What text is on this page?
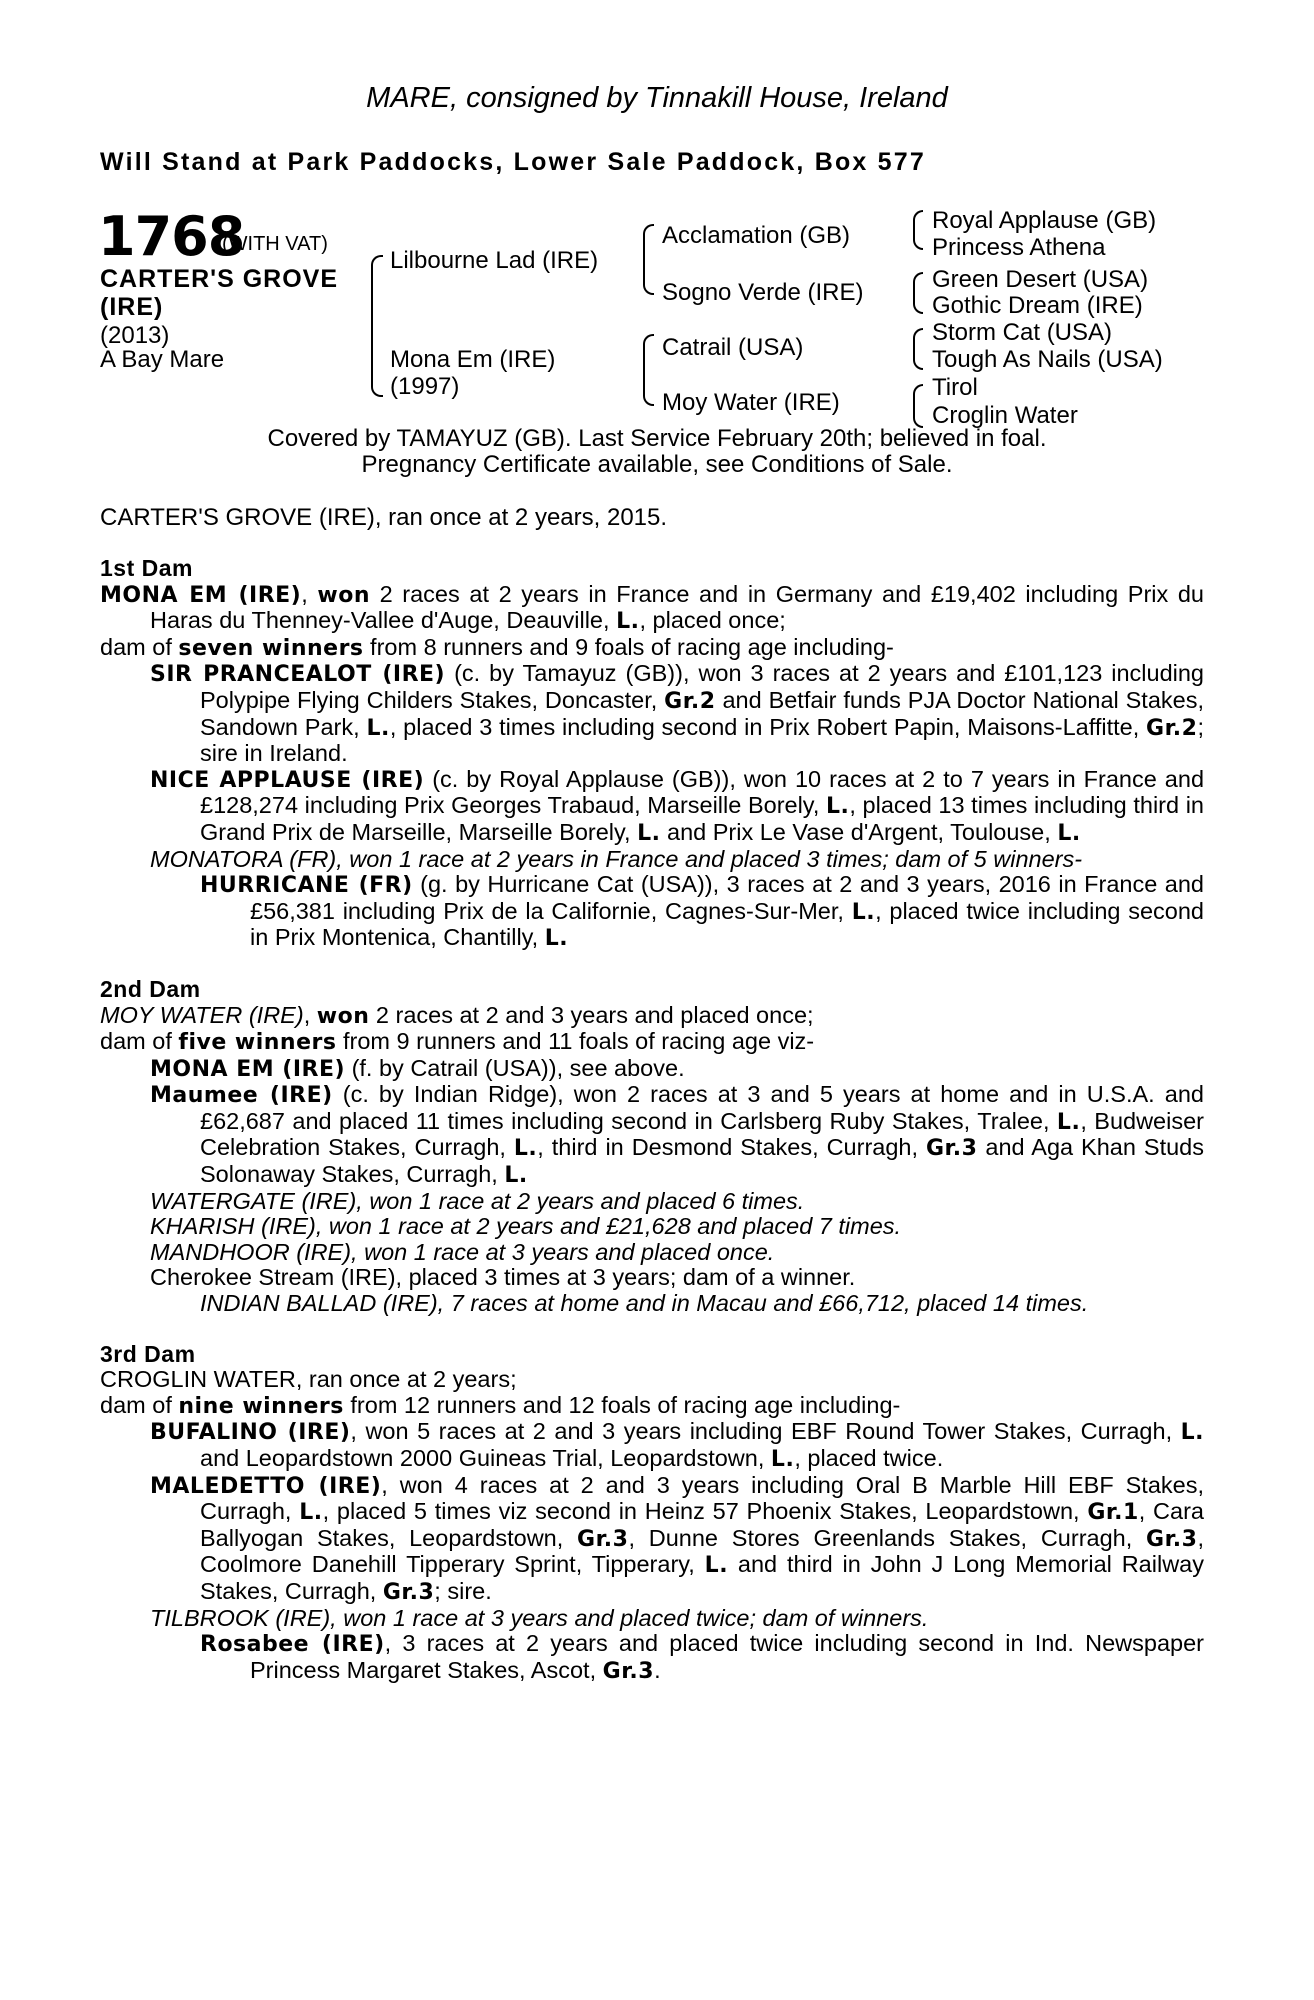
MARE, consigned by Tinnakill House, Ireland
Will Stand at Park Paddocks, Lower Sale Paddock, Box 577
1768
(WITH VAT)
CARTER'S GROVE
(IRE)
(2013)
A Bay Mare
Lilbourne Lad (IRE)
Mona Em (IRE)
(1997)
Acclamation (GB)
Sogno Verde (IRE)
Catrail (USA)
Moy Water (IRE)
Royal Applause (GB)
Princess Athena
Green Desert (USA)
Gothic Dream (IRE)
Storm Cat (USA)
Tough As Nails (USA)
Tirol
Croglin Water
Covered by TAMAYUZ (GB). Last Service February 20th; believed in foal.
Pregnancy Certificate available, see Conditions of Sale.
CARTER'S GROVE (IRE), ran once at 2 years, 2015.
1st Dam

MONA EM (IRE), won 2 races at 2 years in France and in Germany and £19,402 including Prix du Haras du Thenney-Vallee d'Auge, Deauville, L., placed once;

dam of seven winners from 8 runners and 9 foals of racing age including-

SIR PRANCEALOT (IRE) (c. by Tamayuz (GB)), won 3 races at 2 years and £101,123 including Polypipe Flying Childers Stakes, Doncaster, Gr.2 and Betfair funds PJA Doctor National Stakes, Sandown Park, L., placed 3 times including second in Prix Robert Papin, Maisons-Laffitte, Gr.2; sire in Ireland.

NICE APPLAUSE (IRE) (c. by Royal Applause (GB)), won 10 races at 2 to 7 years in France and £128,274 including Prix Georges Trabaud, Marseille Borely, L., placed 13 times including third in Grand Prix de Marseille, Marseille Borely, L. and Prix Le Vase d'Argent, Toulouse, L.

MONATORA (FR), won 1 race at 2 years in France and placed 3 times; dam of 5 winners-

HURRICANE (FR) (g. by Hurricane Cat (USA)), 3 races at 2 and 3 years, 2016 in France and £56,381 including Prix de la Californie, Cagnes-Sur-Mer, L., placed twice including second in Prix Montenica, Chantilly, L.

2nd Dam

MOY WATER (IRE), won 2 races at 2 and 3 years and placed once;

dam of five winners from 9 runners and 11 foals of racing age viz-

MONA EM (IRE) (f. by Catrail (USA)), see above.

Maumee (IRE) (c. by Indian Ridge), won 2 races at 3 and 5 years at home and in U.S.A. and £62,687 and placed 11 times including second in Carlsberg Ruby Stakes, Tralee, L., Budweiser Celebration Stakes, Curragh, L., third in Desmond Stakes, Curragh, Gr.3 and Aga Khan Studs Solonaway Stakes, Curragh, L.

WATERGATE (IRE), won 1 race at 2 years and placed 6 times.

KHARISH (IRE), won 1 race at 2 years and £21,628 and placed 7 times.

MANDHOOR (IRE), won 1 race at 3 years and placed once.

Cherokee Stream (IRE), placed 3 times at 3 years; dam of a winner.

INDIAN BALLAD (IRE), 7 races at home and in Macau and £66,712, placed 14 times.

3rd Dam

CROGLIN WATER, ran once at 2 years;

dam of nine winners from 12 runners and 12 foals of racing age including-

BUFALINO (IRE), won 5 races at 2 and 3 years including EBF Round Tower Stakes, Curragh, L. and Leopardstown 2000 Guineas Trial, Leopardstown, L., placed twice.

MALEDETTO (IRE), won 4 races at 2 and 3 years including Oral B Marble Hill EBF Stakes, Curragh, L., placed 5 times viz second in Heinz 57 Phoenix Stakes, Leopardstown, Gr.1, Cara Ballyogan Stakes, Leopardstown, Gr.3, Dunne Stores Greenlands Stakes, Curragh, Gr.3, Coolmore Danehill Tipperary Sprint, Tipperary, L. and third in John J Long Memorial Railway Stakes, Curragh, Gr.3; sire.

TILBROOK (IRE), won 1 race at 3 years and placed twice; dam of winners.

Rosabee (IRE), 3 races at 2 years and placed twice including second in Ind. Newspaper Princess Margaret Stakes, Ascot, Gr.3.
